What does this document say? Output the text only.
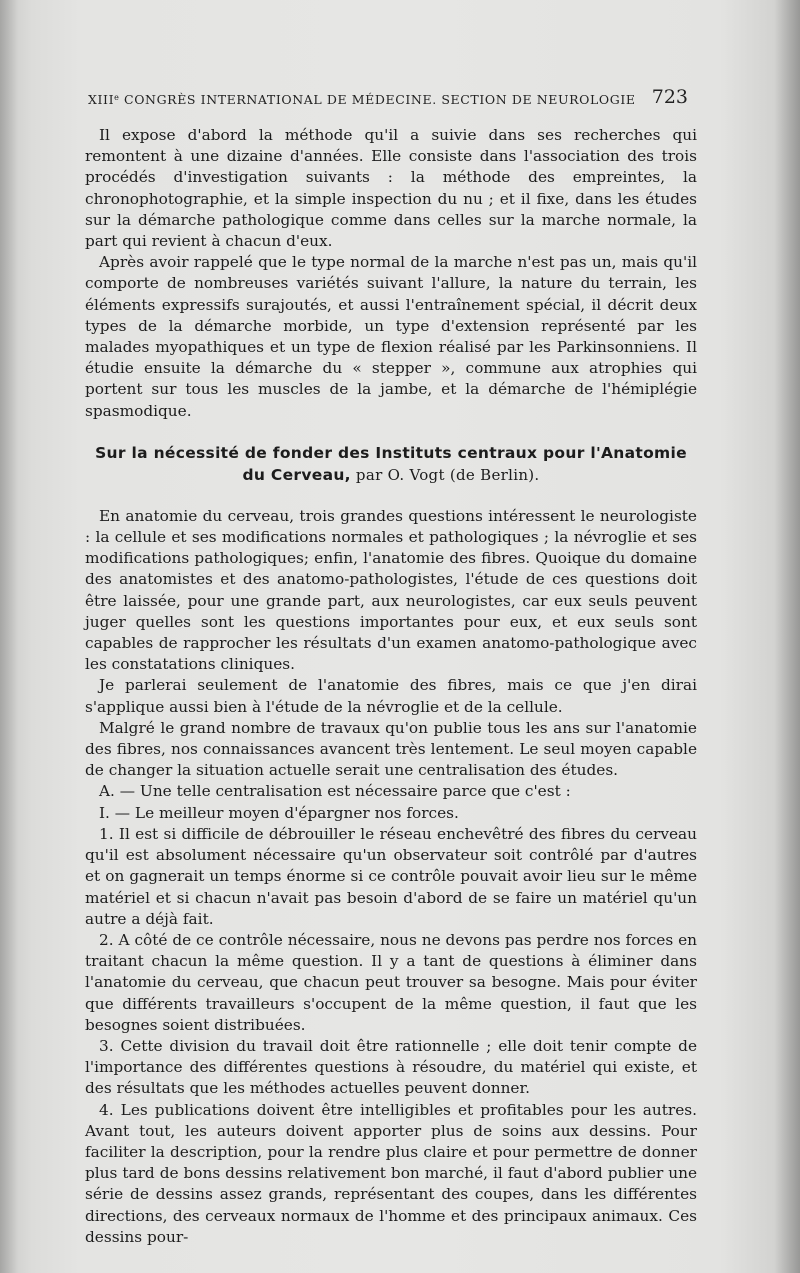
XIIIe CONGRÈS INTERNATIONAL DE MÉDECINE. SECTION DE NEUROLOGIE 723

Il expose d'abord la méthode qu'il a suivie dans ses recherches qui remontent à une dizaine d'années. Elle consiste dans l'association des trois procédés d'investigation suivants : la méthode des empreintes, la chronophotographie, et la simple inspection du nu ; et il fixe, dans les études sur la démarche pathologique comme dans celles sur la marche normale, la part qui revient à chacun d'eux.

Après avoir rappelé que le type normal de la marche n'est pas un, mais qu'il comporte de nombreuses variétés suivant l'allure, la nature du terrain, les éléments expressifs surajoutés, et aussi l'entraînement spécial, il décrit deux types de la démarche morbide, un type d'extension représenté par les malades myopathiques et un type de flexion réalisé par les Parkinsonniens. Il étudie ensuite la démarche du « stepper », commune aux atrophies qui portent sur tous les muscles de la jambe, et la démarche de l'hémiplégie spasmodique.

Sur la nécessité de fonder des Instituts centraux pour l'Anatomie
du Cerveau, par O. Vogt (de Berlin).

En anatomie du cerveau, trois grandes questions intéressent le neurologiste : la cellule et ses modifications normales et pathologiques ; la névroglie et ses modifications pathologiques; enfin, l'anatomie des fibres. Quoique du domaine des anatomistes et des anatomo-pathologistes, l'étude de ces questions doit être laissée, pour une grande part, aux neurologistes, car eux seuls peuvent juger quelles sont les questions importantes pour eux, et eux seuls sont capables de rapprocher les résultats d'un examen anatomo-pathologique avec les constatations cliniques.

Je parlerai seulement de l'anatomie des fibres, mais ce que j'en dirai s'applique aussi bien à l'étude de la névroglie et de la cellule.

Malgré le grand nombre de travaux qu'on publie tous les ans sur l'anatomie des fibres, nos connaissances avancent très lentement. Le seul moyen capable de changer la situation actuelle serait une centralisation des études.

A. — Une telle centralisation est nécessaire parce que c'est :

I. — Le meilleur moyen d'épargner nos forces.

1. Il est si difficile de débrouiller le réseau enchevêtré des fibres du cerveau qu'il est absolument nécessaire qu'un observateur soit contrôlé par d'autres et on gagnerait un temps énorme si ce contrôle pouvait avoir lieu sur le même matériel et si chacun n'avait pas besoin d'abord de se faire un matériel qu'un autre a déjà fait.

2. A côté de ce contrôle nécessaire, nous ne devons pas perdre nos forces en traitant chacun la même question. Il y a tant de questions à éliminer dans l'anatomie du cerveau, que chacun peut trouver sa besogne. Mais pour éviter que différents travailleurs s'occupent de la même question, il faut que les besognes soient distribuées.

3. Cette division du travail doit être rationnelle ; elle doit tenir compte de l'importance des différentes questions à résoudre, du matériel qui existe, et des résultats que les méthodes actuelles peuvent donner.

4. Les publications doivent être intelligibles et profitables pour les autres. Avant tout, les auteurs doivent apporter plus de soins aux dessins. Pour faciliter la description, pour la rendre plus claire et pour permettre de donner plus tard de bons dessins relativement bon marché, il faut d'abord publier une série de dessins assez grands, représentant des coupes, dans les différentes directions, des cerveaux normaux de l'homme et des principaux animaux. Ces dessins pour-
